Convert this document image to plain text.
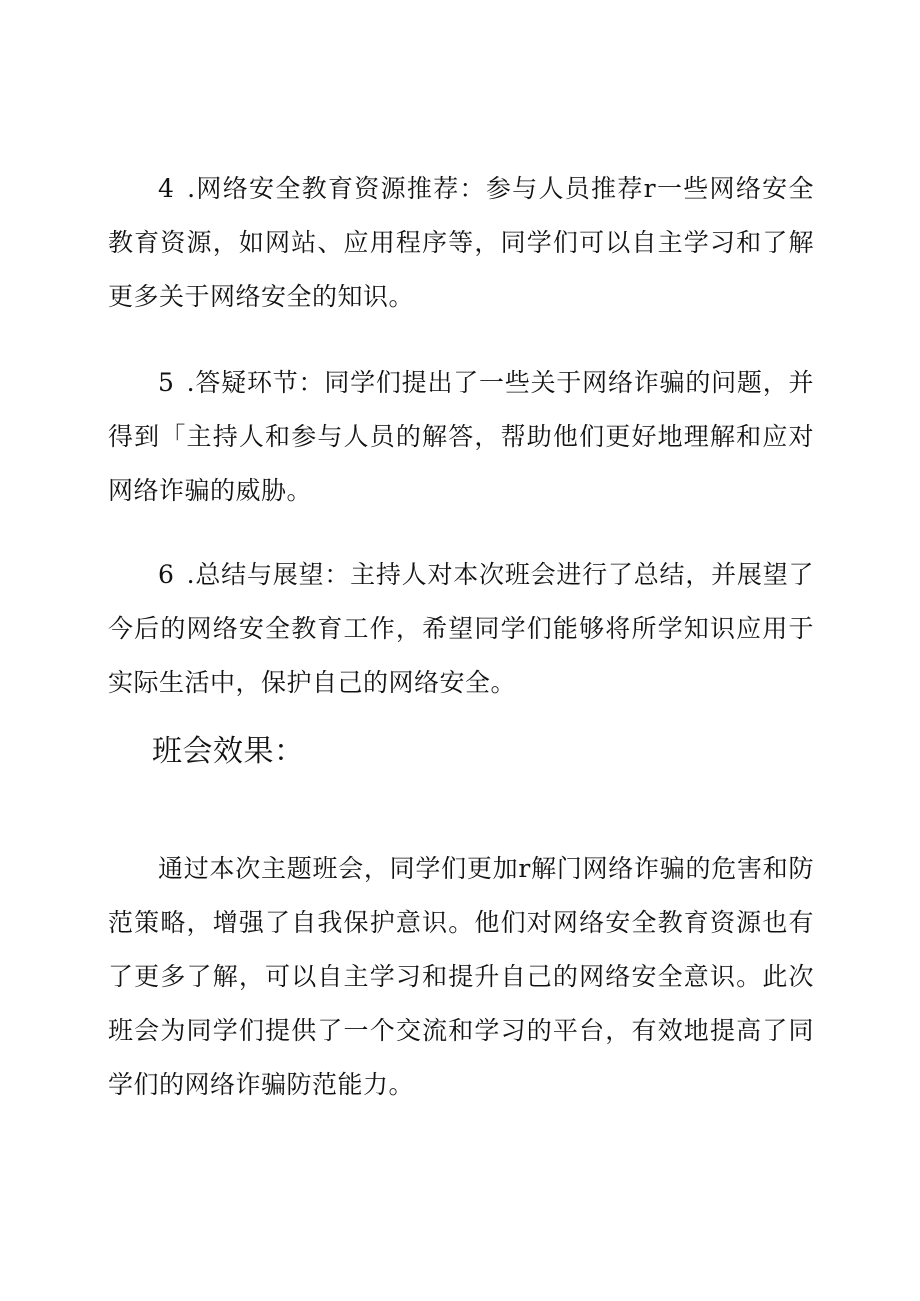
4 .网络安全教育资源推荐：参与人员推荐r一些网络安全教育资源，如网站、应用程序等，同学们可以自主学习和了解更多关于网络安全的知识。

5 .答疑环节：同学们提出了一些关于网络诈骗的问题，并得到「主持人和参与人员的解答，帮助他们更好地理解和应对网络诈骗的威胁。

6 .总结与展望：主持人对本次班会进行了总结，并展望了今后的网络安全教育工作，希望同学们能够将所学知识应用于实际生活中，保护自己的网络安全。

班会效果：

通过本次主题班会，同学们更加r解门网络诈骗的危害和防范策略，增强了自我保护意识。他们对网络安全教育资源也有了更多了解，可以自主学习和提升自己的网络安全意识。此次班会为同学们提供了一个交流和学习的平台，有效地提高了同学们的网络诈骗防范能力。
